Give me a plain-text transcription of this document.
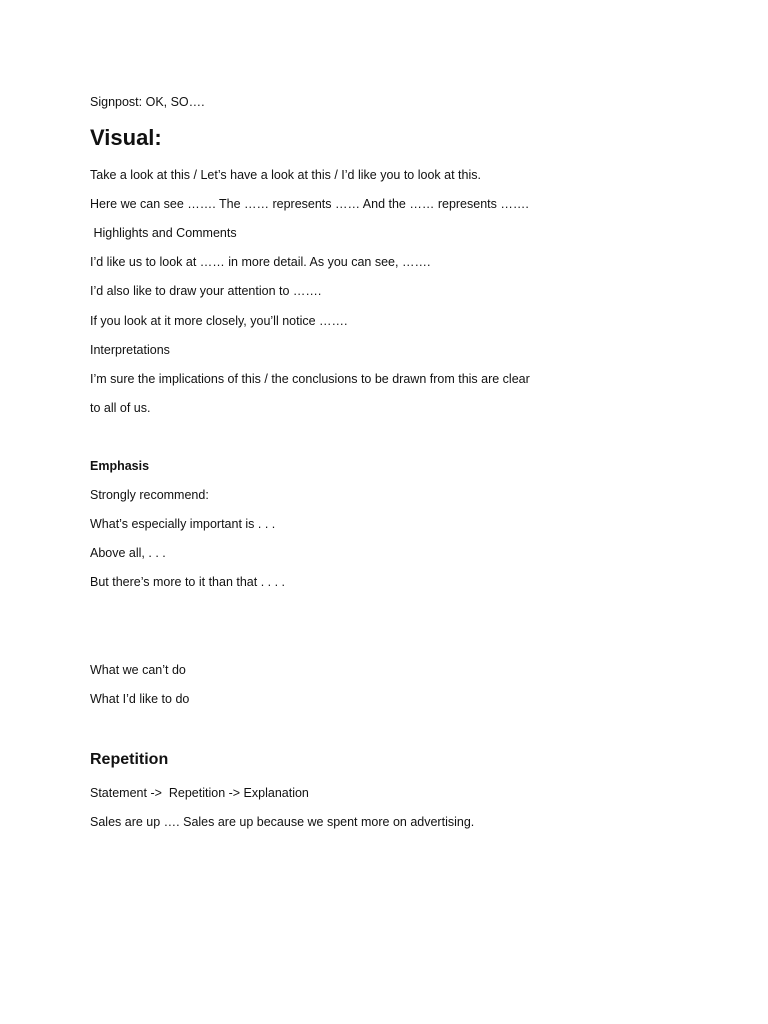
Signpost: OK, SO….
Visual:
Take a look at this / Let’s have a look at this / I’d like you to look at this.
Here we can see ……. The …… represents …… And the …… represents …….
Highlights and Comments
I’d like us to look at …… in more detail. As you can see, …….
I’d also like to draw your attention to …….
If you look at it more closely, you’ll notice …….
Interpretations
I’m sure the implications of this / the conclusions to be drawn from this are clear
to all of us.
Emphasis
Strongly recommend:
What’s especially important is . . .
Above all, . . .
But there’s more to it than that . . . .
What we can’t do
What I’d like to do
Repetition
Statement ->  Repetition -> Explanation
Sales are up …. Sales are up because we spent more on advertising.
